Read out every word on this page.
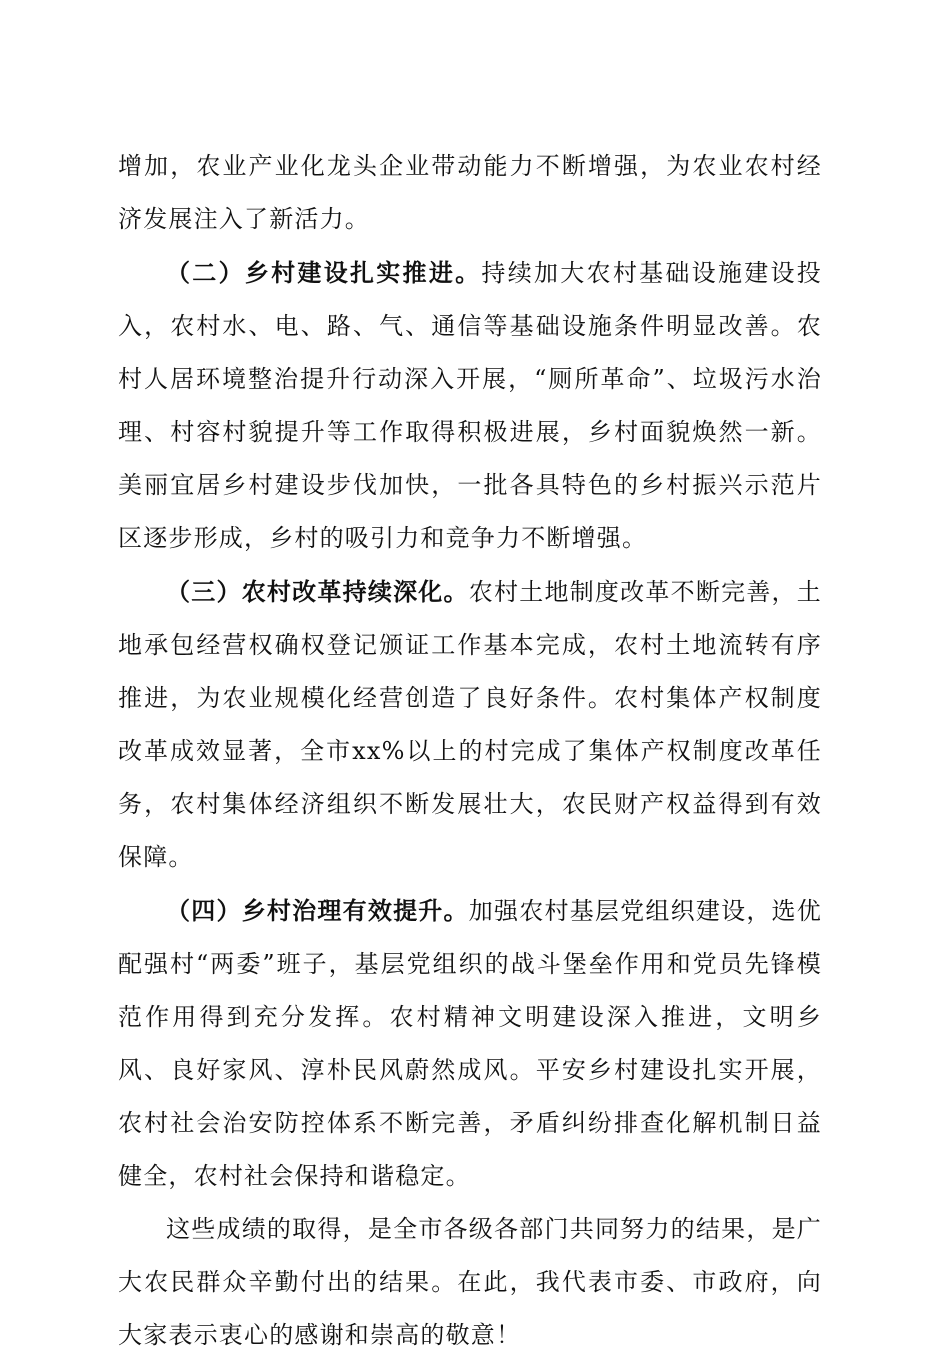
增加，农业产业化龙头企业带动能力不断增强，为农业农村经济发展注入了新活力。

（二）乡村建设扎实推进。持续加大农村基础设施建设投入，农村水、电、路、气、通信等基础设施条件明显改善。农村人居环境整治提升行动深入开展，“厕所革命”、垃圾污水治理、村容村貌提升等工作取得积极进展，乡村面貌焕然一新。美丽宜居乡村建设步伐加快，一批各具特色的乡村振兴示范片区逐步形成，乡村的吸引力和竞争力不断增强。

（三）农村改革持续深化。农村土地制度改革不断完善，土地承包经营权确权登记颁证工作基本完成，农村土地流转有序推进，为农业规模化经营创造了良好条件。农村集体产权制度改革成效显著，全市xx%以上的村完成了集体产权制度改革任务，农村集体经济组织不断发展壮大，农民财产权益得到有效保障。

（四）乡村治理有效提升。加强农村基层党组织建设，选优配强村“两委”班子，基层党组织的战斗堡垒作用和党员先锋模范作用得到充分发挥。农村精神文明建设深入推进，文明乡风、良好家风、淳朴民风蔚然成风。平安乡村建设扎实开展，农村社会治安防控体系不断完善，矛盾纠纷排查化解机制日益健全，农村社会保持和谐稳定。

这些成绩的取得，是全市各级各部门共同努力的结果，是广大农民群众辛勤付出的结果。在此，我代表市委、市政府，向大家表示衷心的感谢和崇高的敬意！
